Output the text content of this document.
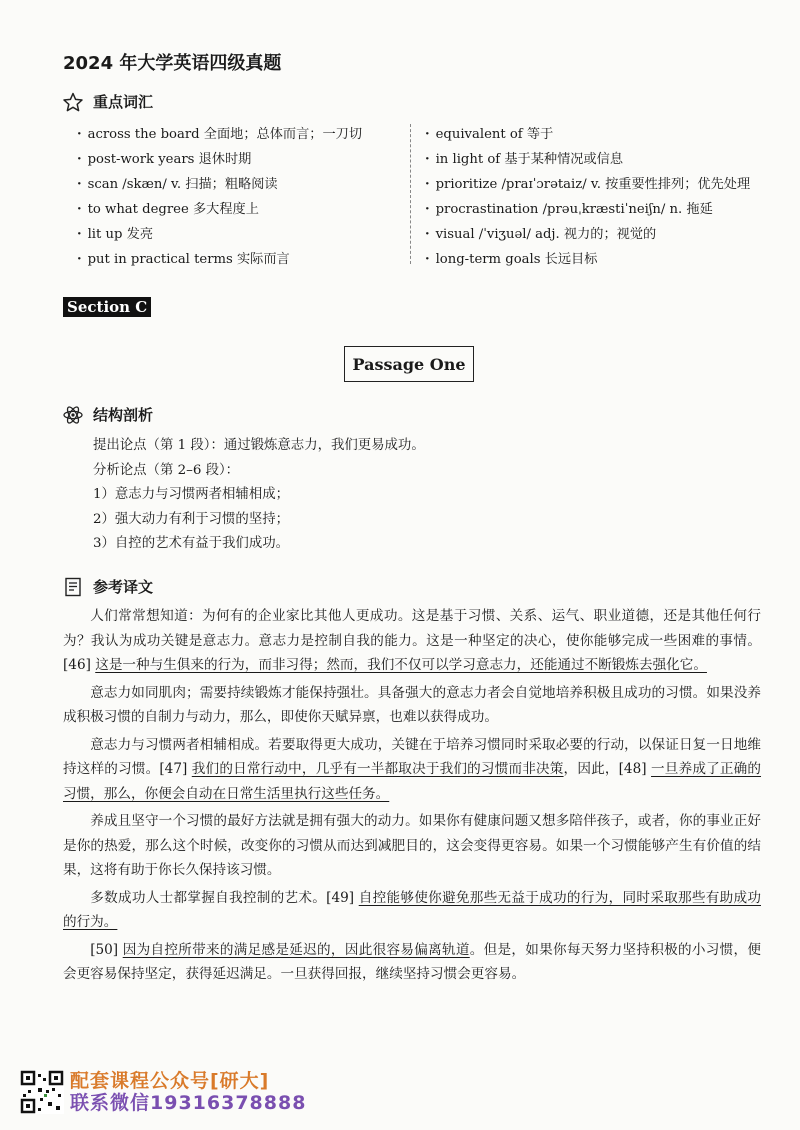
2024 年大学英语四级真题
重点词汇
· across the board 全面地；总体而言；一刀切
· post-work years 退休时期
· scan /skæn/ v. 扫描；粗略阅读
· to what degree 多大程度上
· lit up 发亮
· put in practical terms 实际而言
· equivalent of 等于
· in light of 基于某种情况或信息
· prioritize /praɪˈɔrətaiz/ v. 按重要性排列；优先处理
· procrastination /prəuˌkræstiˈneiʃn/ n. 拖延
· visual /ˈviʒuəl/ adj. 视力的；视觉的
· long-term goals 长远目标
Section C
Passage One
结构剖析
提出论点（第 1 段）：通过锻炼意志力，我们更易成功。
分析论点（第 2–6 段）：
1）意志力与习惯两者相辅相成；
2）强大动力有利于习惯的坚持；
3）自控的艺术有益于我们成功。
参考译文

人们常常想知道：为何有的企业家比其他人更成功。这是基于习惯、关系、运气、职业道德，还是其他任何行为？我认为成功关键是意志力。意志力是控制自我的能力。这是一种坚定的决心，使你能够完成一些困难的事情。[46] 这是一种与生俱来的行为，而非习得；然而，我们不仅可以学习意志力，还能通过不断锻炼去强化它。

意志力如同肌肉；需要持续锻炼才能保持强壮。具备强大的意志力者会自觉地培养积极且成功的习惯。如果没养成积极习惯的自制力与动力，那么，即使你天赋异禀，也难以获得成功。

意志力与习惯两者相辅相成。若要取得更大成功，关键在于培养习惯同时采取必要的行动，以保证日复一日地维持这样的习惯。[47] 我们的日常行动中，几乎有一半都取决于我们的习惯而非决策，因此，[48] 一旦养成了正确的习惯，那么，你便会自动在日常生活里执行这些任务。

养成且坚守一个习惯的最好方法就是拥有强大的动力。如果你有健康问题又想多陪伴孩子，或者，你的事业正好是你的热爱，那么这个时候，改变你的习惯从而达到减肥目的，这会变得更容易。如果一个习惯能够产生有价值的结果，这将有助于你长久保持该习惯。

多数成功人士都掌握自我控制的艺术。[49] 自控能够使你避免那些无益于成功的行为，同时采取那些有助成功的行为。

[50] 因为自控所带来的满足感是延迟的，因此很容易偏离轨道。但是，如果你每天努力坚持积极的小习惯，便会更容易保持坚定，获得延迟满足。一旦获得回报，继续坚持习惯会更容易。

配套课程公众号[研大]
联系微信19316378888
